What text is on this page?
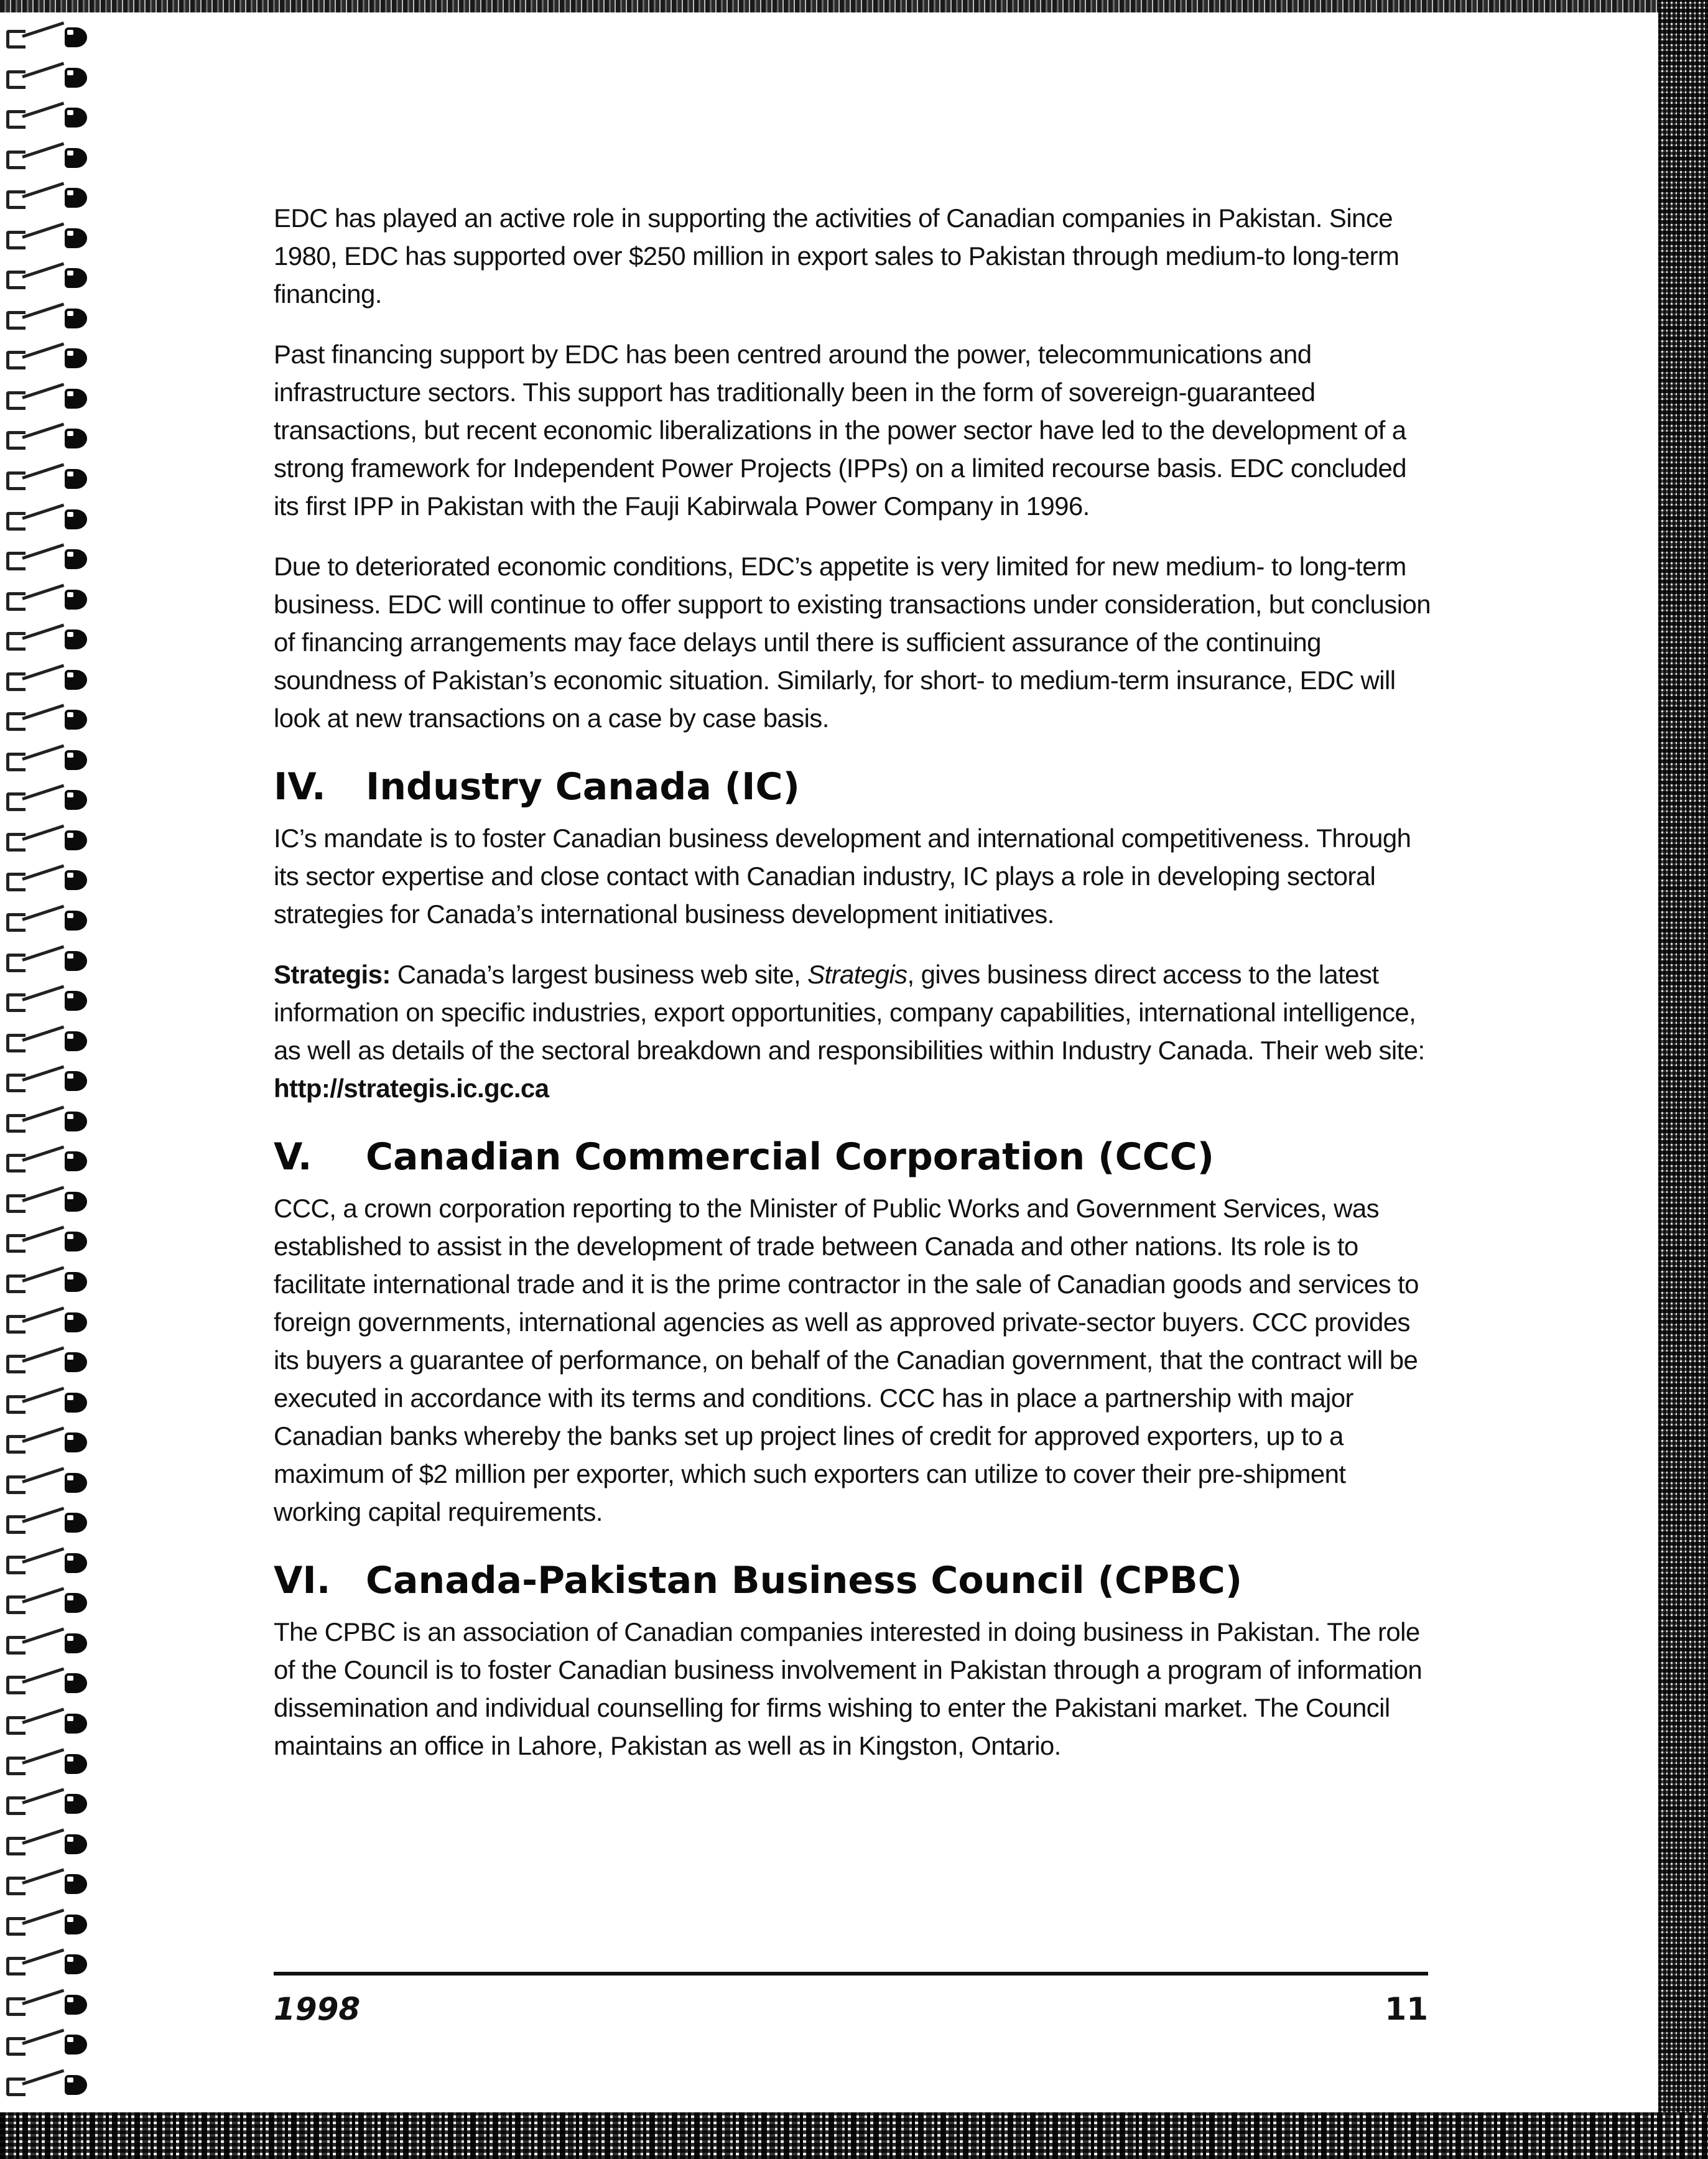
EDC has played an active role in supporting the activities of Canadian companies in Pakistan. Since 1980, EDC has supported over $250 million in export sales to Pakistan through medium-to long-term financing.

Past financing support by EDC has been centred around the power, telecommunications and infrastructure sectors. This support has traditionally been in the form of sovereign-guaranteed transactions, but recent economic liberalizations in the power sector have led to the development of a strong framework for Independent Power Projects (IPPs) on a limited recourse basis. EDC concluded its first IPP in Pakistan with the Fauji Kabirwala Power Company in 1996.

Due to deteriorated economic conditions, EDC’s appetite is very limited for new medium- to long-term business. EDC will continue to offer support to existing transactions under consideration, but conclusion of financing arrangements may face delays until there is sufficient assurance of the continuing soundness of Pakistan’s economic situation. Similarly, for short- to medium-term insurance, EDC will look at new transactions on a case by case basis.

IV. Industry Canada (IC)

IC’s mandate is to foster Canadian business development and international competitiveness. Through its sector expertise and close contact with Canadian industry, IC plays a role in developing sectoral strategies for Canada’s international business development initiatives.

Strategis: Canada’s largest business web site, Strategis, gives business direct access to the latest information on specific industries, export opportunities, company capabilities, international intelligence, as well as details of the sectoral breakdown and responsibilities within Industry Canada. Their web site: http://strategis.ic.gc.ca

V. Canadian Commercial Corporation (CCC)

CCC, a crown corporation reporting to the Minister of Public Works and Government Services, was established to assist in the development of trade between Canada and other nations. Its role is to facilitate international trade and it is the prime contractor in the sale of Canadian goods and services to foreign governments, international agencies as well as approved private-sector buyers. CCC provides its buyers a guarantee of performance, on behalf of the Canadian government, that the contract will be executed in accordance with its terms and conditions. CCC has in place a partnership with major Canadian banks whereby the banks set up project lines of credit for approved exporters, up to a maximum of $2 million per exporter, which such exporters can utilize to cover their pre-shipment working capital requirements.

VI. Canada-Pakistan Business Council (CPBC)

The CPBC is an association of Canadian companies interested in doing business in Pakistan. The role of the Council is to foster Canadian business involvement in Pakistan through a program of information dissemination and individual counselling for firms wishing to enter the Pakistani market. The Council maintains an office in Lahore, Pakistan as well as in Kingston, Ontario.

1998	11
